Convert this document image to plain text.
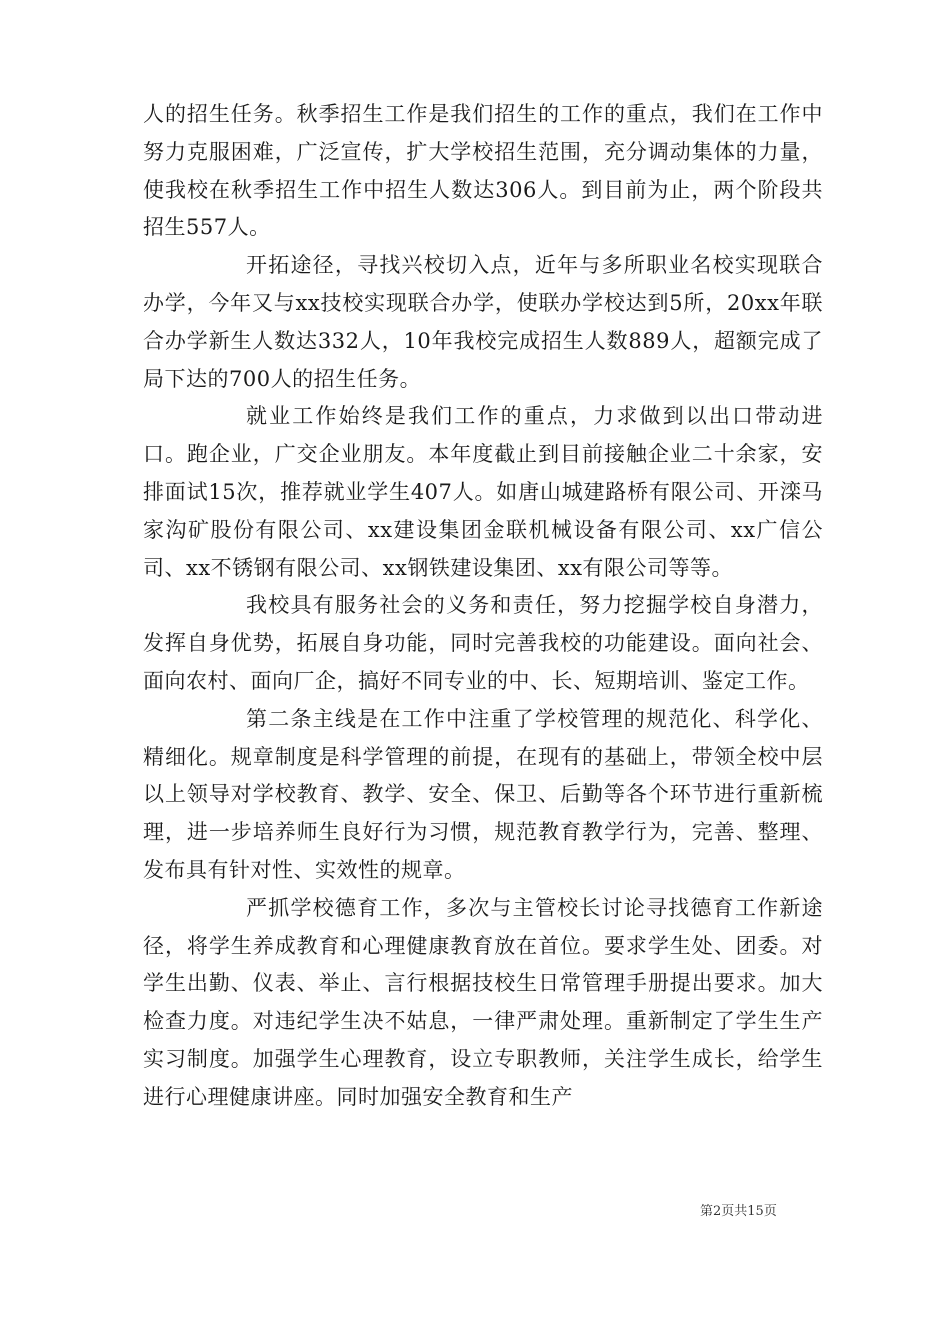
人的招生任务。秋季招生工作是我们招生的工作的重点，我们在工作中努力克服困难，广泛宣传，扩大学校招生范围，充分调动集体的力量，使我校在秋季招生工作中招生人数达306人。到目前为止，两个阶段共招生557人。

开拓途径，寻找兴校切入点，近年与多所职业名校实现联合办学，今年又与xx技校实现联合办学，使联办学校达到5所，20xx年联合办学新生人数达332人，10年我校完成招生人数889人，超额完成了局下达的700人的招生任务。

就业工作始终是我们工作的重点，力求做到以出口带动进口。跑企业，广交企业朋友。本年度截止到目前接触企业二十余家，安排面试15次，推荐就业学生407人。如唐山城建路桥有限公司、开滦马家沟矿股份有限公司、xx建设集团金联机械设备有限公司、xx广信公司、xx不锈钢有限公司、xx钢铁建设集团、xx有限公司等等。

我校具有服务社会的义务和责任，努力挖掘学校自身潜力，发挥自身优势，拓展自身功能，同时完善我校的功能建设。面向社会、面向农村、面向厂企，搞好不同专业的中、长、短期培训、鉴定工作。

第二条主线是在工作中注重了学校管理的规范化、科学化、精细化。规章制度是科学管理的前提，在现有的基础上，带领全校中层以上领导对学校教育、教学、安全、保卫、后勤等各个环节进行重新梳理，进一步培养师生良好行为习惯，规范教育教学行为，完善、整理、发布具有针对性、实效性的规章。

严抓学校德育工作，多次与主管校长讨论寻找德育工作新途径，将学生养成教育和心理健康教育放在首位。要求学生处、团委。对学生出勤、仪表、举止、言行根据技校生日常管理手册提出要求。加大检查力度。对违纪学生决不姑息，一律严肃处理。重新制定了学生生产实习制度。加强学生心理教育，设立专职教师，关注学生成长，给学生进行心理健康讲座。同时加强安全教育和生产

第2页共15页
